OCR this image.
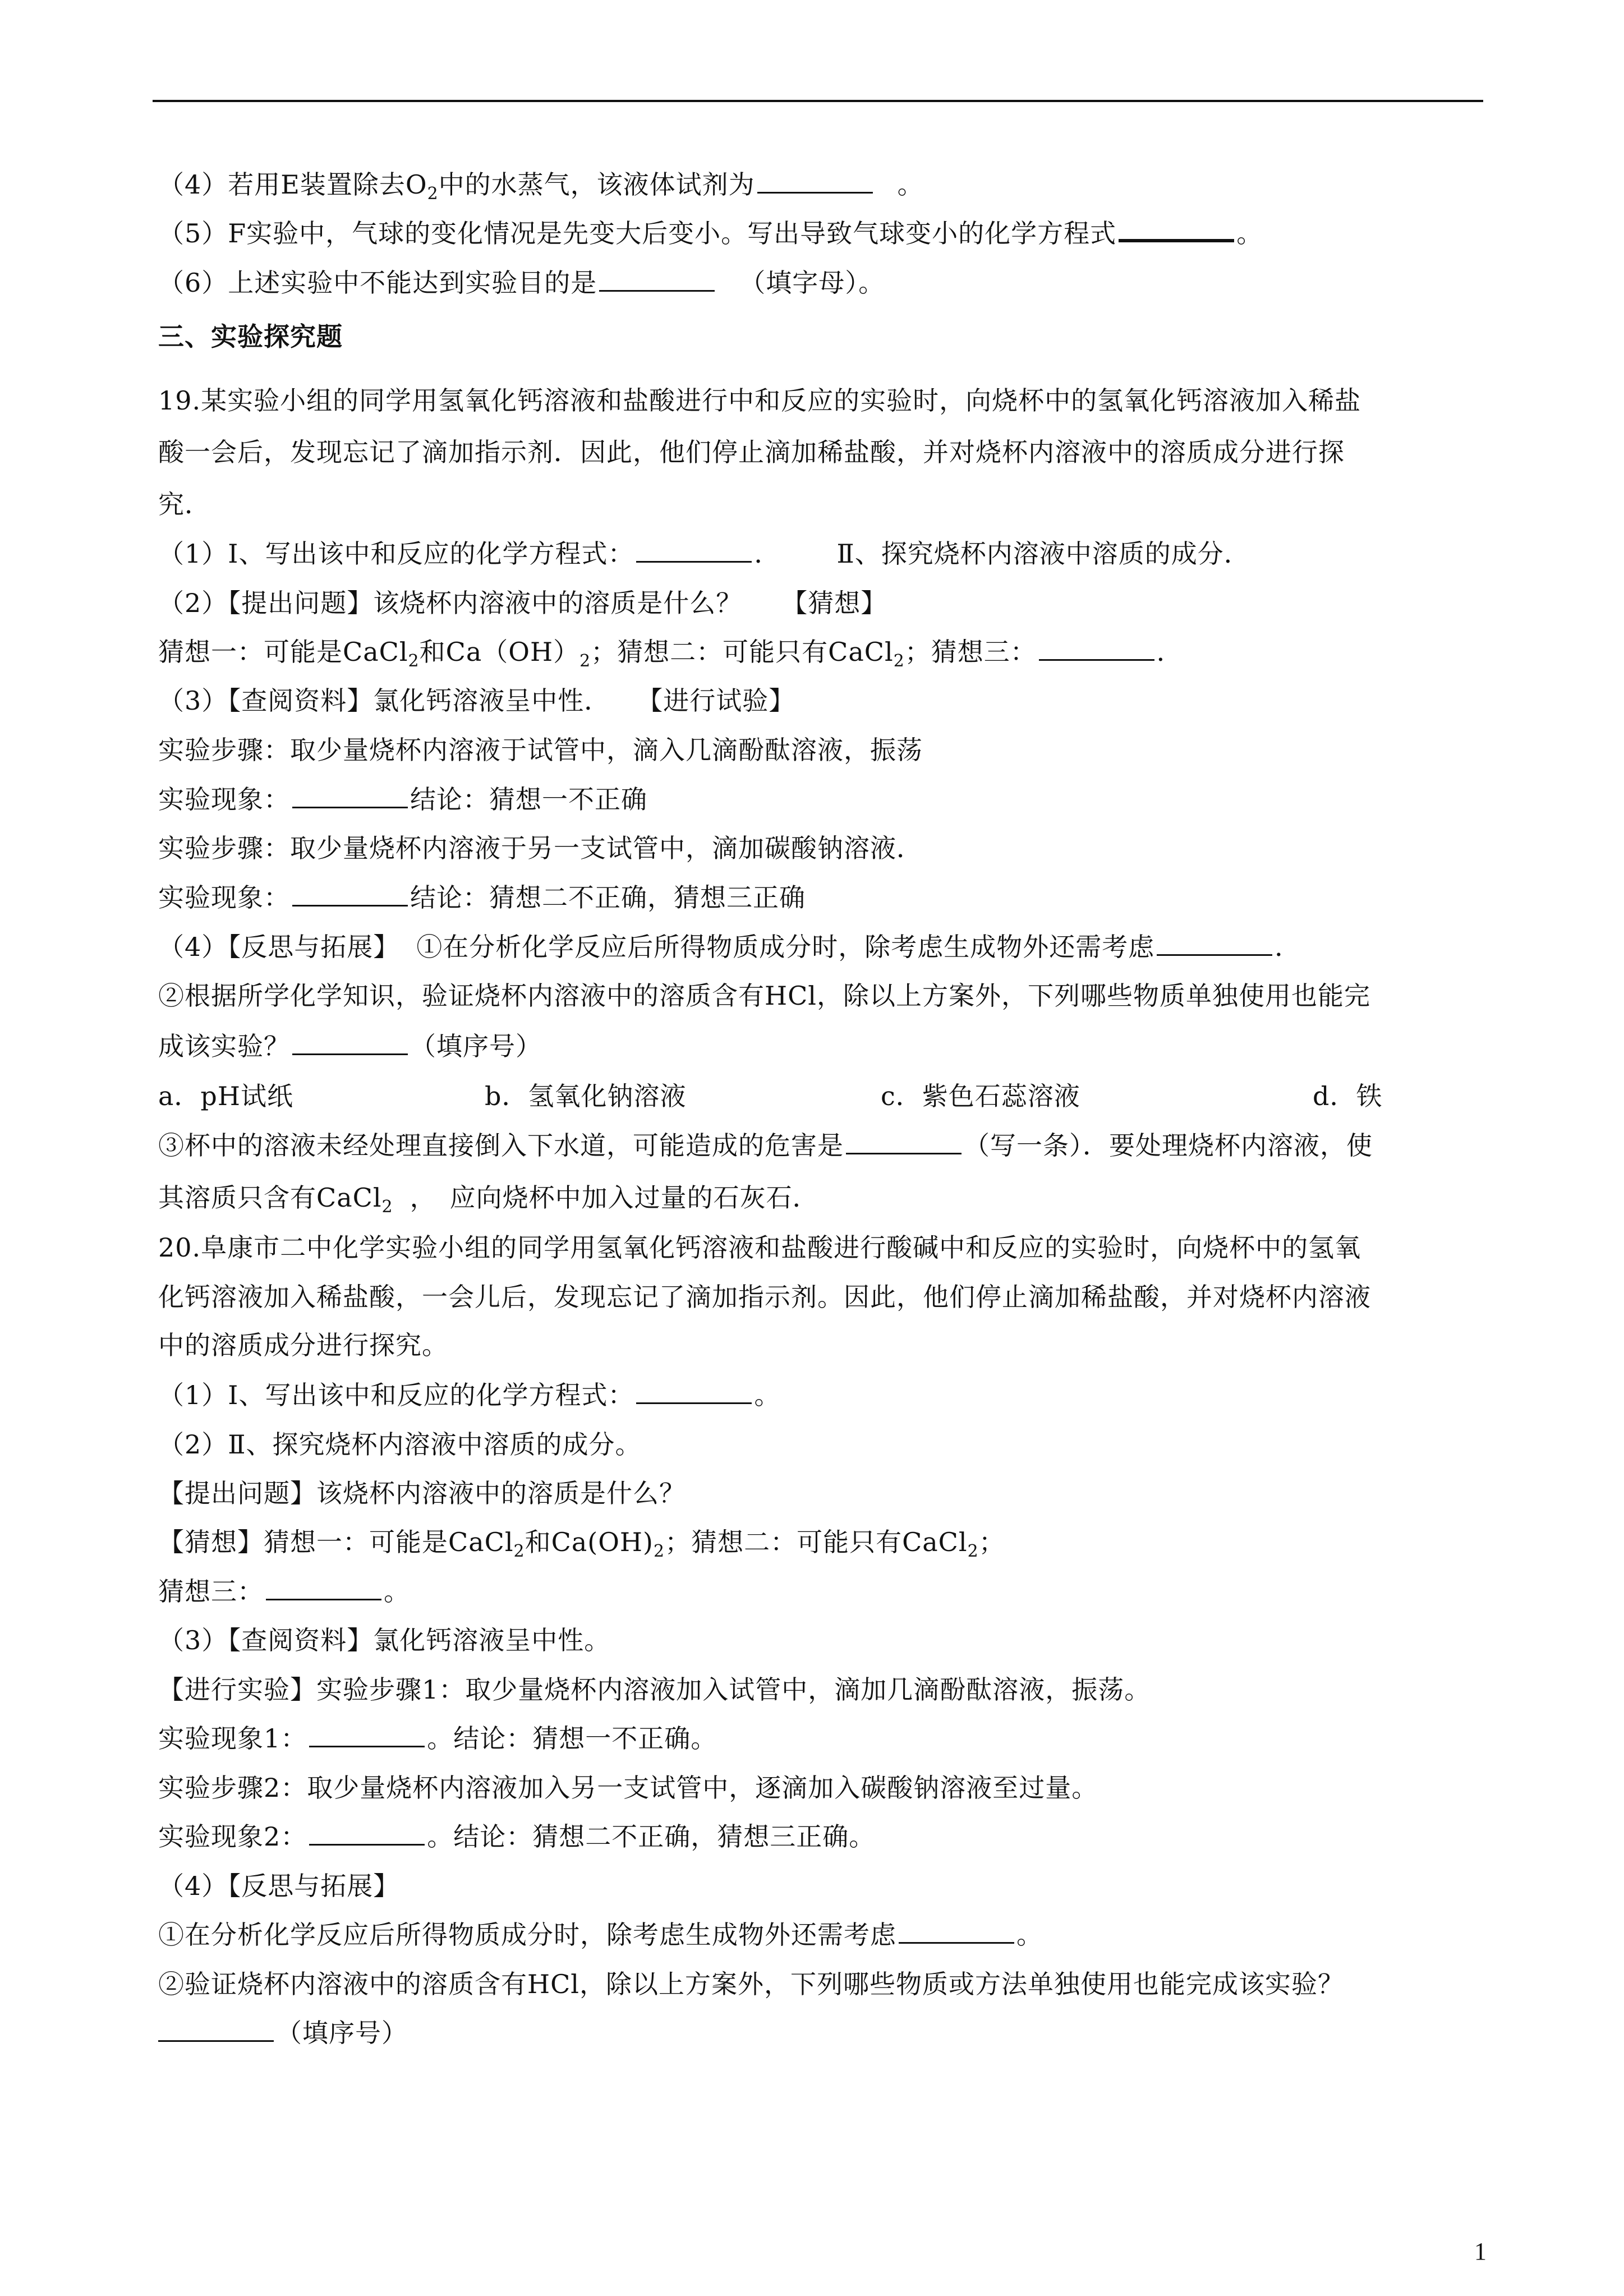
（4）若用E装置除去$O_2$中的水蒸气，该液体试剂为	。
（5）F实验中，气球的变化情况是先变大后变小。写出导致气球变小的化学方程式	。
（6）上述实验中不能达到实验目的是	（填字母）。
三、实验探究题
19.某实验小组的同学用氢氧化钙溶液和盐酸进行中和反应的实验时，向烧杯中的氢氧化钙溶液加入稀盐
酸一会后，发现忘记了滴加指示剂．因此，他们停止滴加稀盐酸，并对烧杯内溶液中的溶质成分进行探
究．
（1）Ⅰ、写出该中和反应的化学方程式：	． Ⅱ、探究烧杯内溶液中溶质的成分．
（2）【提出问题】该烧杯内溶液中的溶质是什么？ 【猜想】
猜想一：可能是CaCl$_2$和$Ca(OH)_2$；猜想二：可能只有CaCl$_2$；猜想三：	．
（3）【查阅资料】氯化钙溶液呈中性． 【进行试验】
实验步骤：取少量烧杯内溶液于试管中，滴入几滴酚酞溶液，振荡
实验现象：	结论：猜想一不正确
实验步骤：取少量烧杯内溶液于另一支试管中，滴加碳酸钠溶液．
实验现象：	结论：猜想二不正确，猜想三正确
（4）【反思与拓展】 ①在分析化学反应后所得物质成分时，除考虑生成物外还需考虑	．
②根据所学化学知识，验证烧杯内溶液中的溶质含有HCl，除以上方案外，下列哪些物质单独使用也能完
成该实验？	（填序号）
a．pH试纸	b．氢氧化钠溶液	c．紫色石蕊溶液	d．铁
③杯中的溶液未经处理直接倒入下水道，可能造成的危害是	（写一条）．要处理烧杯内溶液，使
其溶质只含有CaCl$_2$ ，　应向烧杯中加入过量的石灰石．
20.阜康市二中化学实验小组的同学用氢氧化钙溶液和盐酸进行酸碱中和反应的实验时，向烧杯中的氢氧
化钙溶液加入稀盐酸，一会儿后，发现忘记了滴加指示剂。因此，他们停止滴加稀盐酸，并对烧杯内溶液
中的溶质成分进行探究。
（1）Ⅰ、写出该中和反应的化学方程式：	。
（2）Ⅱ、探究烧杯内溶液中溶质的成分。
【提出问题】该烧杯内溶液中的溶质是什么？
【猜想】猜想一：可能是CaCl$_2$和$Ca(OH)_2$；猜想二：可能只有CaCl$_2$；
猜想三：	。
（3）【查阅资料】氯化钙溶液呈中性。
【进行实验】实验步骤1：取少量烧杯内溶液加入试管中，滴加几滴酚酞溶液，振荡。
实验现象1：	。结论：猜想一不正确。
实验步骤2：取少量烧杯内溶液加入另一支试管中，逐滴加入碳酸钠溶液至过量。
实验现象2：	。结论：猜想二不正确，猜想三正确。
（4）【反思与拓展】
①在分析化学反应后所得物质成分时，除考虑生成物外还需考虑	。
②验证烧杯内溶液中的溶质含有HCl，除以上方案外，下列哪些物质或方法单独使用也能完成该实验？
（填序号）
1
